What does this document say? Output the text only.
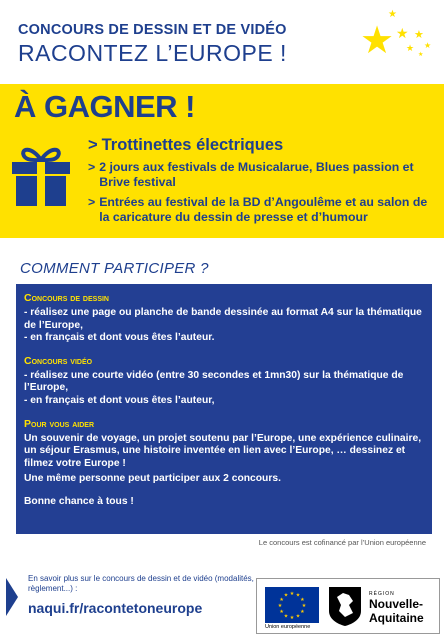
CONCOURS DE DESSIN ET DE VIDÉO
RACONTEZ L’EUROPE ! ★ ★ ★
★ ★
★
★
À GAGNER !
> Trottinettes électriques
> 2 jours aux festivals de Musicalarue, Blues passion et Brive festival
> Entrées au festival de la BD d’Angoulême et au salon de la caricature du dessin de presse et d’humour
COMMENT PARTICIPER ?
Concours de dessin
- réalisez une page ou planche de bande dessinée au format A4 sur la thématique de l’Europe,
- en français et dont vous êtes l’auteur.
Concours vidéo
- réalisez une courte vidéo (entre 30 secondes et 1mn30) sur la thématique de l’Europe,
- en français et dont vous êtes l’auteur,
Pour vous aider
Un souvenir de voyage, un projet soutenu par l’Europe, une expérience culinaire, un séjour Erasmus, une histoire inventée en lien avec l’Europe, … dessinez et filmez votre Europe !
Une même personne peut participer aux 2 concours.
Bonne chance à tous !
Le concours est cofinancé par l’Union européenne
En savoir plus sur le concours de dessin et de vidéo (modalités, règlement...) :
naqui.fr/racontetoneurope
★ ★
★
★
★
★
★
★
★
★
★
★
Union européenne
RÉGION
Nouvelle-
Aquitaine
